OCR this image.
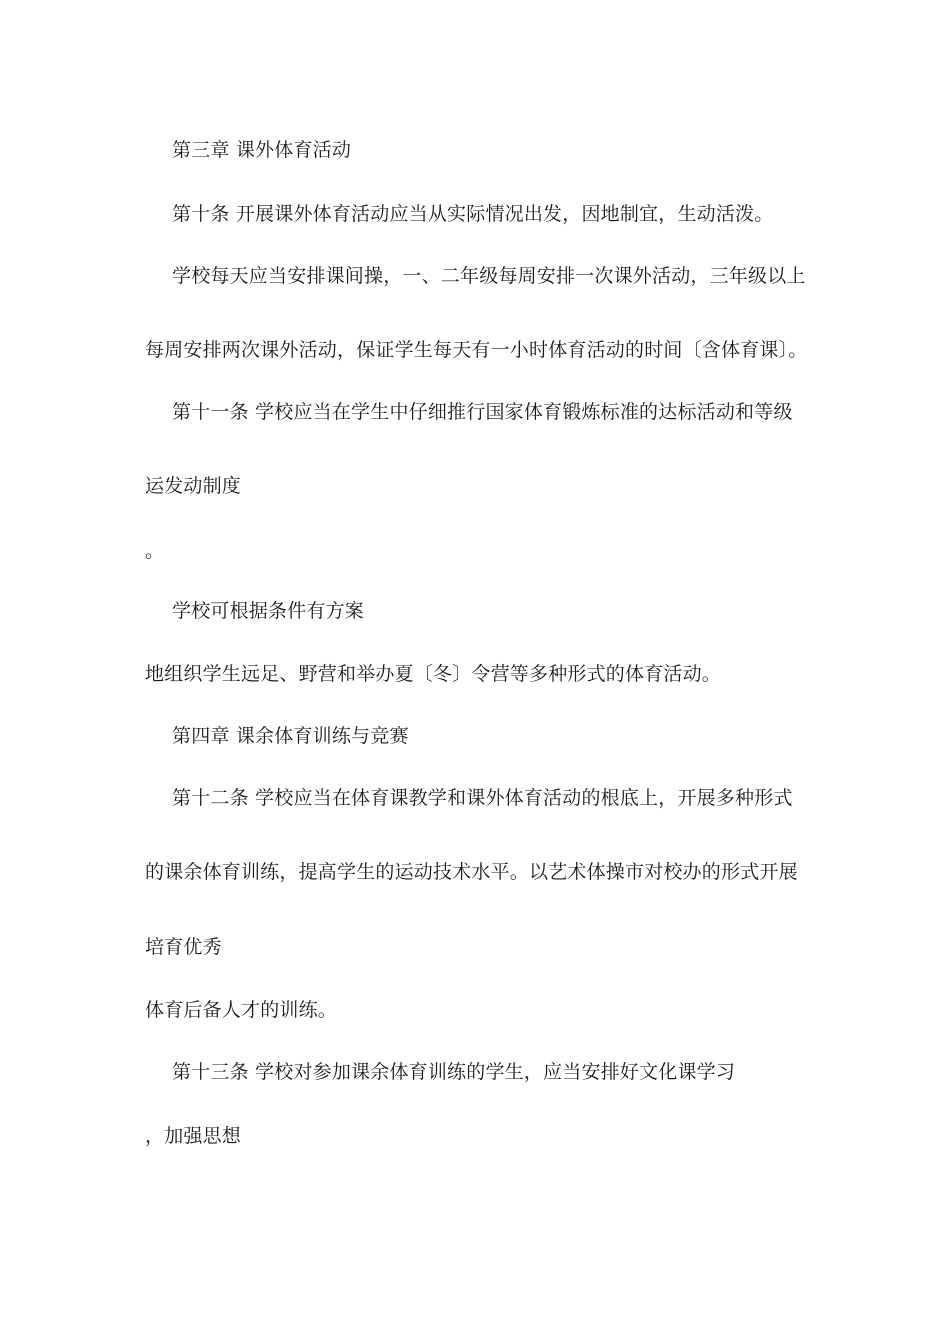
第三章 课外体育活动
第十条 开展课外体育活动应当从实际情况出发，因地制宜，生动活泼。
学校每天应当安排课间操，一、二年级每周安排一次课外活动，三年级以上
每周安排两次课外活动，保证学生每天有一小时体育活动的时间〔含体育课〕。
第十一条 学校应当在学生中仔细推行国家体育锻炼标准的达标活动和等级
运发动制度
。
学校可根据条件有方案
地组织学生远足、野营和举办夏〔冬〕令营等多种形式的体育活动。
第四章 课余体育训练与竞赛
第十二条 学校应当在体育课教学和课外体育活动的根底上，开展多种形式
的课余体育训练，提高学生的运动技术水平。以艺术体操市对校办的形式开展
培育优秀
体育后备人才的训练。
第十三条 学校对参加课余体育训练的学生，应当安排好文化课学习
，加强思想
